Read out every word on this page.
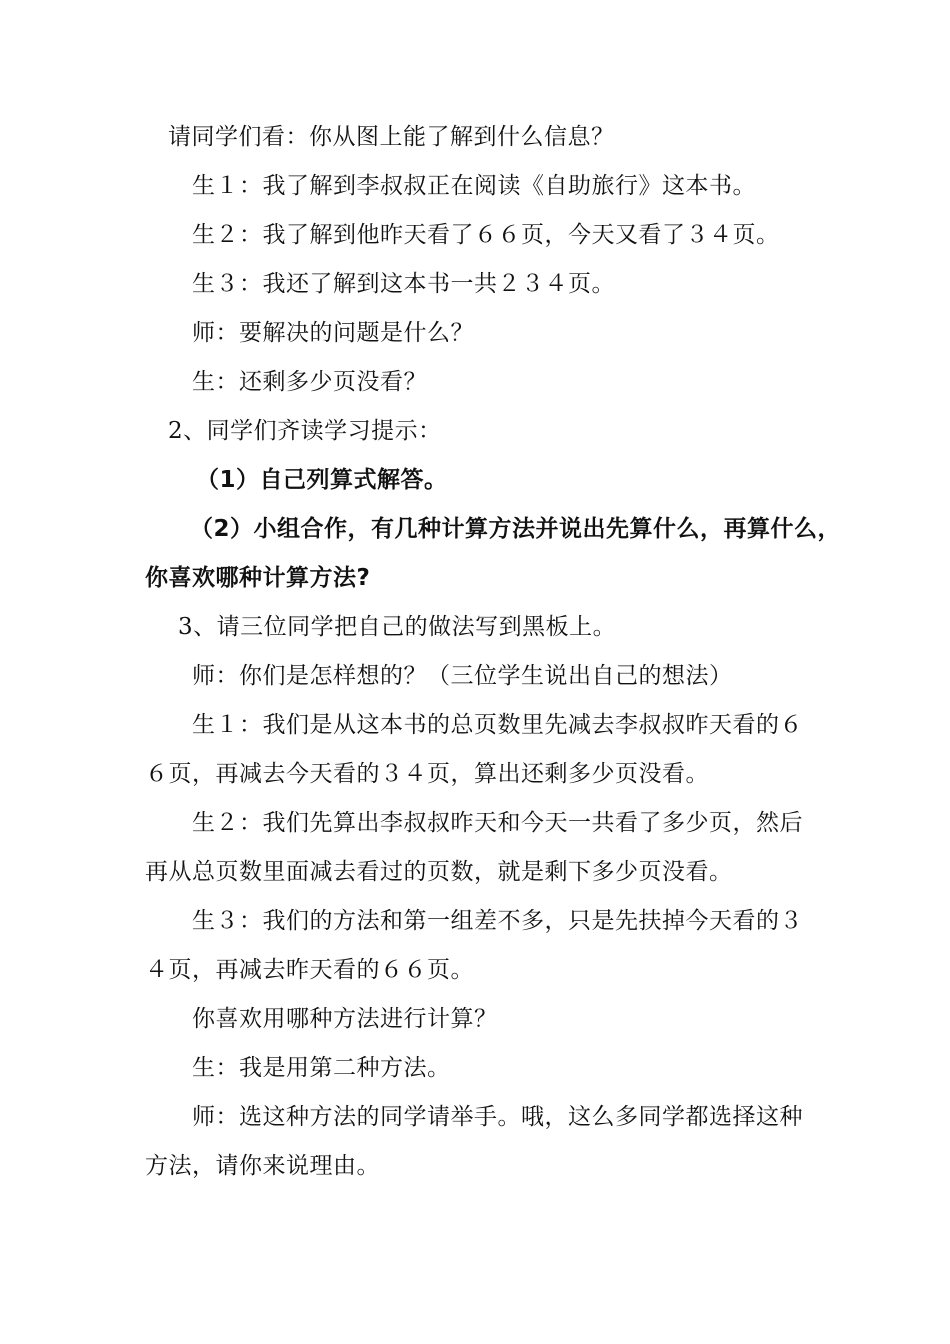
请同学们看：你从图上能了解到什么信息？
生１：我了解到李叔叔正在阅读《自助旅行》这本书。
生２：我了解到他昨天看了６６页，今天又看了３４页。
生３：我还了解到这本书一共２３４页。
师：要解决的问题是什么？
生：还剩多少页没看？
2、同学们齐读学习提示：
（1）自己列算式解答。
（2）小组合作，有几种计算方法并说出先算什么，再算什么，
你喜欢哪种计算方法?
3、请三位同学把自己的做法写到黑板上。
师：你们是怎样想的？（三位学生说出自己的想法）
生１：我们是从这本书的总页数里先减去李叔叔昨天看的６
６页，再减去今天看的３４页，算出还剩多少页没看。
生２：我们先算出李叔叔昨天和今天一共看了多少页，然后
再从总页数里面减去看过的页数，就是剩下多少页没看。
生３：我们的方法和第一组差不多，只是先扶掉今天看的３
４页，再减去昨天看的６６页。
你喜欢用哪种方法进行计算？
生：我是用第二种方法。
师：选这种方法的同学请举手。哦，这么多同学都选择这种
方法，请你来说理由。
